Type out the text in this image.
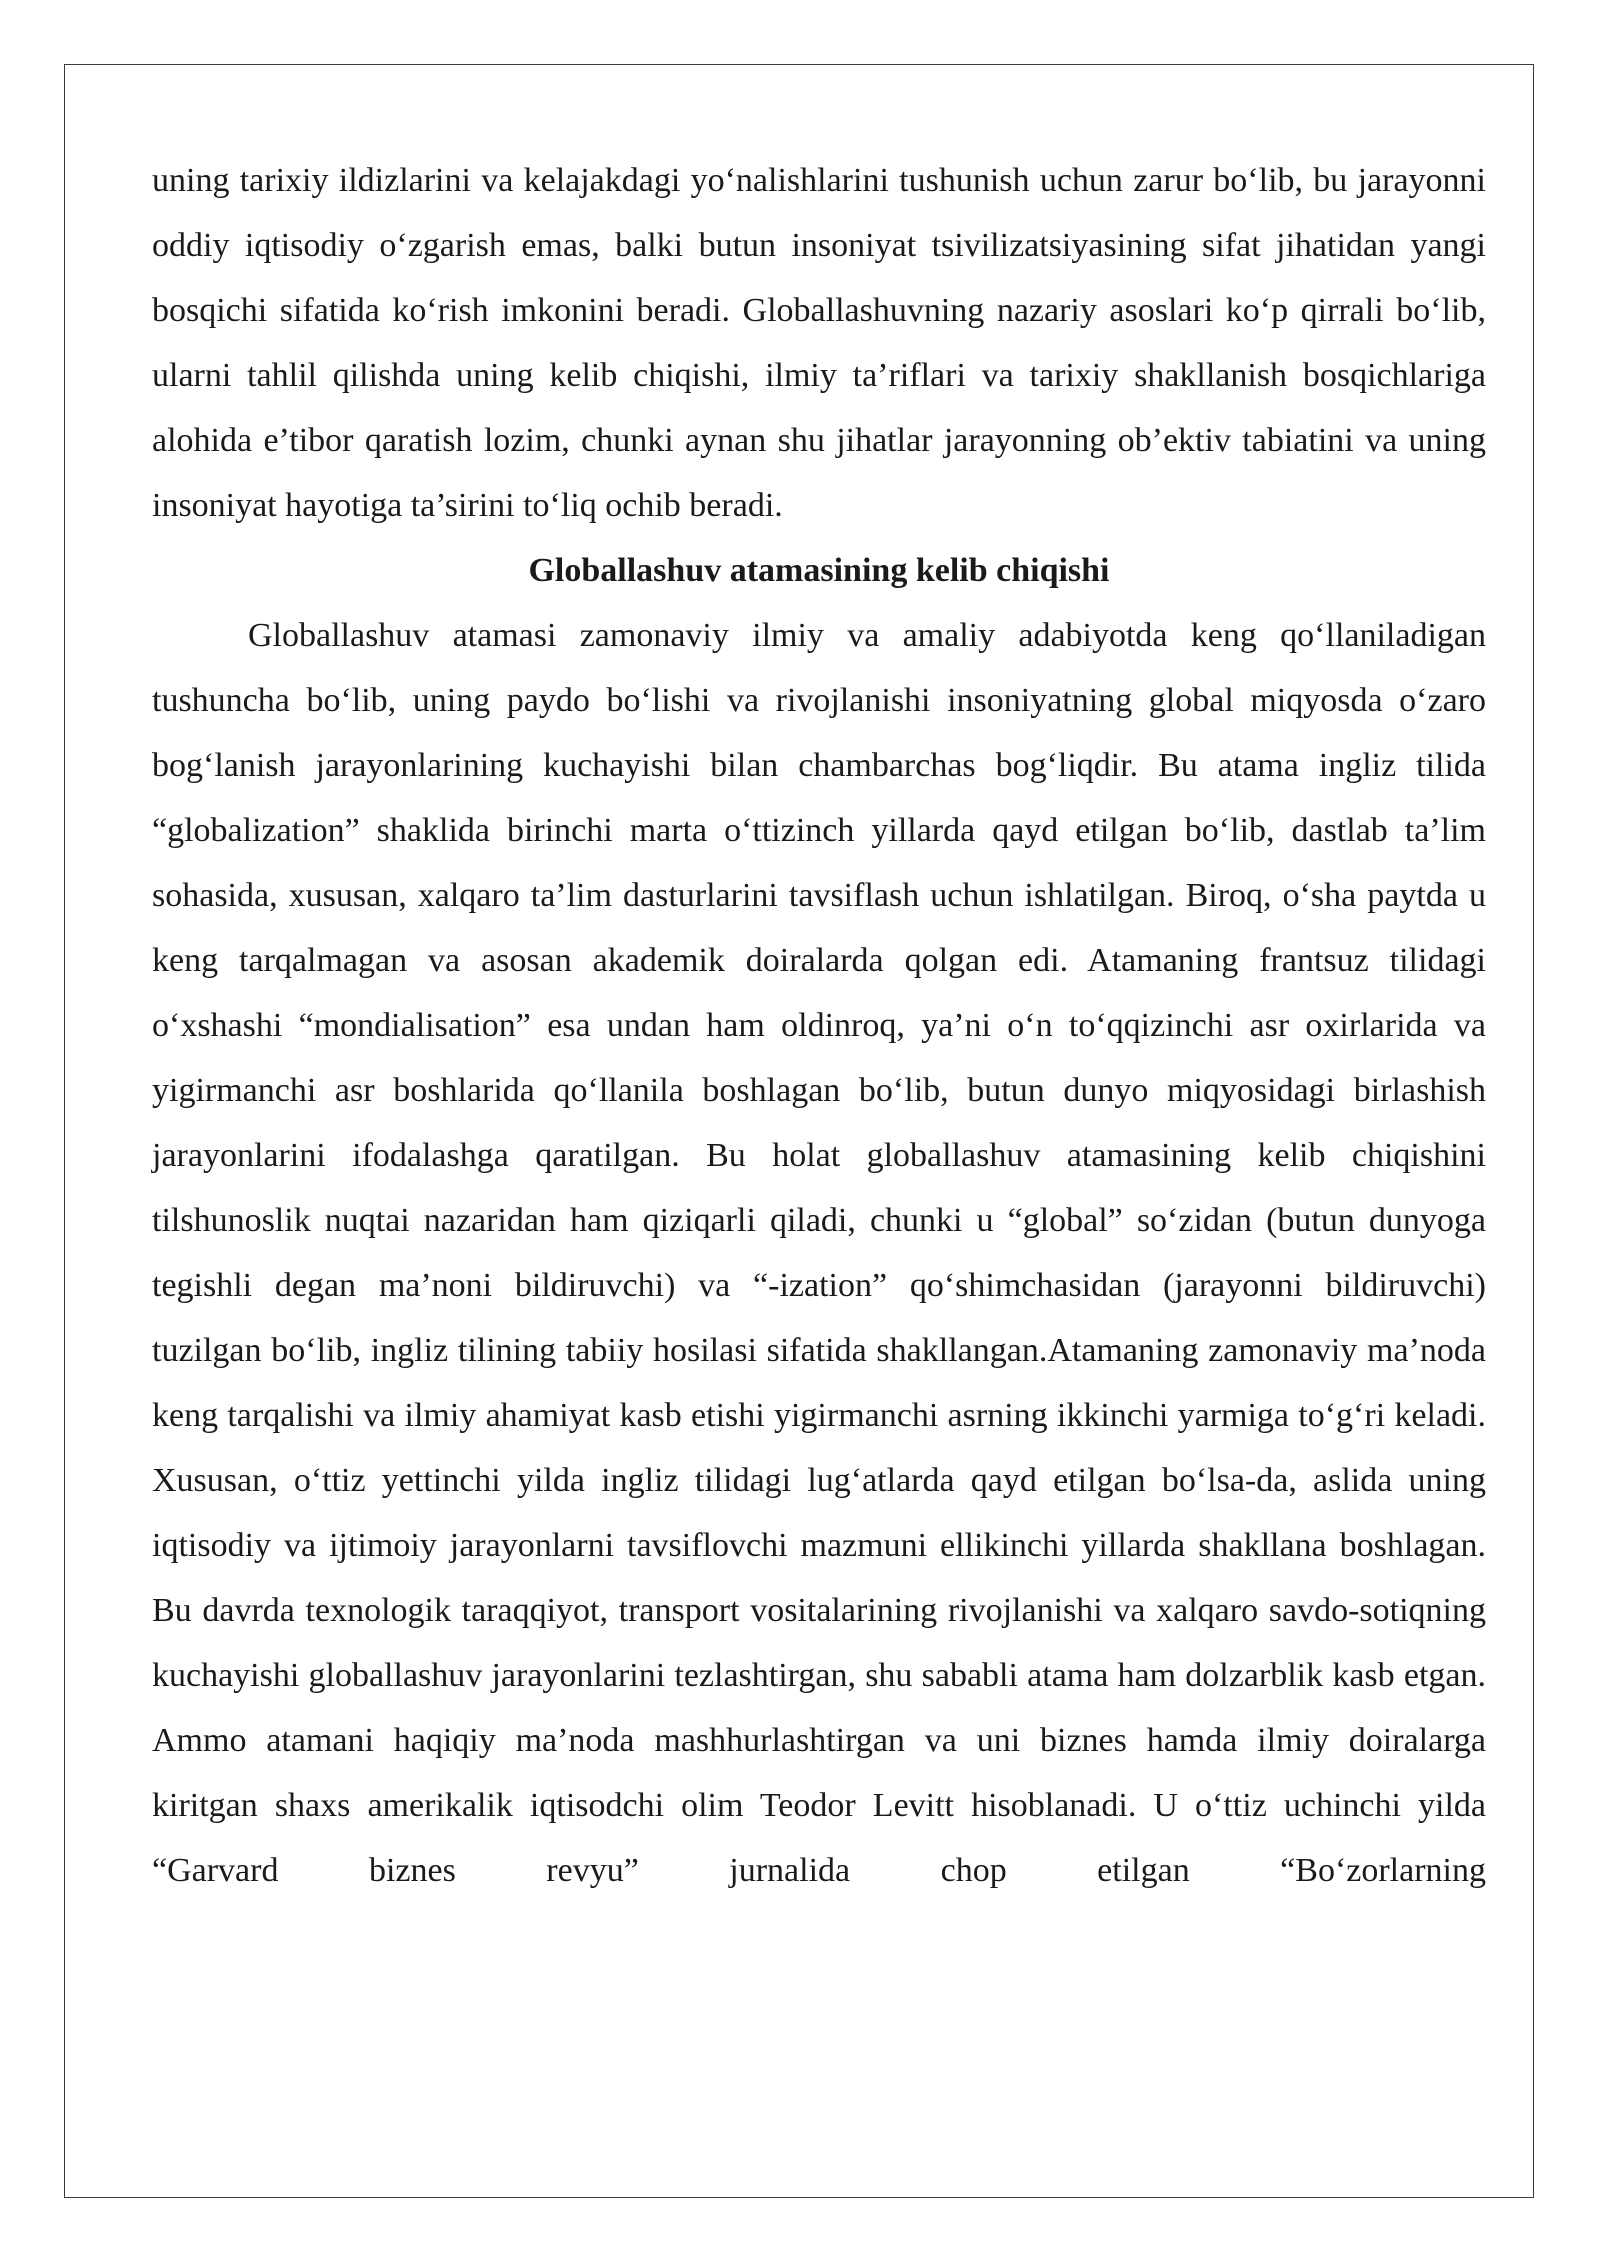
uning tarixiy ildizlarini va kelajakdagi yo‘nalishlarini tushunish uchun zarur bo‘lib, bu jarayonni oddiy iqtisodiy o‘zgarish emas, balki butun insoniyat tsivilizatsiyasining sifat jihatidan yangi bosqichi sifatida ko‘rish imkonini beradi. Globallashuvning nazariy asoslari ko‘p qirrali bo‘lib, ularni tahlil qilishda uning kelib chiqishi, ilmiy ta’riflari va tarixiy shakllanish bosqichlariga alohida e’tibor qaratish lozim, chunki aynan shu jihatlar jarayonning ob’ektiv tabiatini va uning insoniyat hayotiga ta’sirini to‘liq ochib beradi.

Globallashuv atamasining kelib chiqishi

Globallashuv atamasi zamonaviy ilmiy va amaliy adabiyotda keng qo‘llaniladigan tushuncha bo‘lib, uning paydo bo‘lishi va rivojlanishi insoniyatning global miqyosda o‘zaro bog‘lanish jarayonlarining kuchayishi bilan chambarchas bog‘liqdir. Bu atama ingliz tilida “globalization” shaklida birinchi marta o‘ttizinch yillarda qayd etilgan bo‘lib, dastlab ta’lim sohasida, xususan, xalqaro ta’lim dasturlarini tavsiflash uchun ishlatilgan. Biroq, o‘sha paytda u keng tarqalmagan va asosan akademik doiralarda qolgan edi. Atamaning frantsuz tilidagi o‘xshashi “mondialisation” esa undan ham oldinroq, ya’ni o‘n to‘qqizinchi asr oxirlarida va yigirmanchi asr boshlarida qo‘llanila boshlagan bo‘lib, butun dunyo miqyosidagi birlashish jarayonlarini ifodalashga qaratilgan. Bu holat globallashuv atamasining kelib chiqishini tilshunoslik nuqtai nazaridan ham qiziqarli qiladi, chunki u “global” so‘zidan (butun dunyoga tegishli degan ma’noni bildiruvchi) va “-ization” qo‘shimchasidan (jarayonni bildiruvchi) tuzilgan bo‘lib, ingliz tilining tabiiy hosilasi sifatida shakllangan.Atamaning zamonaviy ma’noda keng tarqalishi va ilmiy ahamiyat kasb etishi yigirmanchi asrning ikkinchi yarmiga to‘g‘ri keladi. Xususan, o‘ttiz yettinchi yilda ingliz tilidagi lug‘atlarda qayd etilgan bo‘lsa-da, aslida uning iqtisodiy va ijtimoiy jarayonlarni tavsiflovchi mazmuni ellikinchi yillarda shakllana boshlagan. Bu davrda texnologik taraqqiyot, transport vositalarining rivojlanishi va xalqaro savdo-sotiqning kuchayishi globallashuv jarayonlarini tezlashtirgan, shu sababli atama ham dolzarblik kasb etgan. Ammo atamani haqiqiy ma’noda mashhurlashtirgan va uni biznes hamda ilmiy doiralarga kiritgan shaxs amerikalik iqtisodchi olim Teodor Levitt hisoblanadi. U o‘ttiz uchinchi yilda “Garvard biznes revyu” jurnalida chop etilgan “Bo‘zorlarning
